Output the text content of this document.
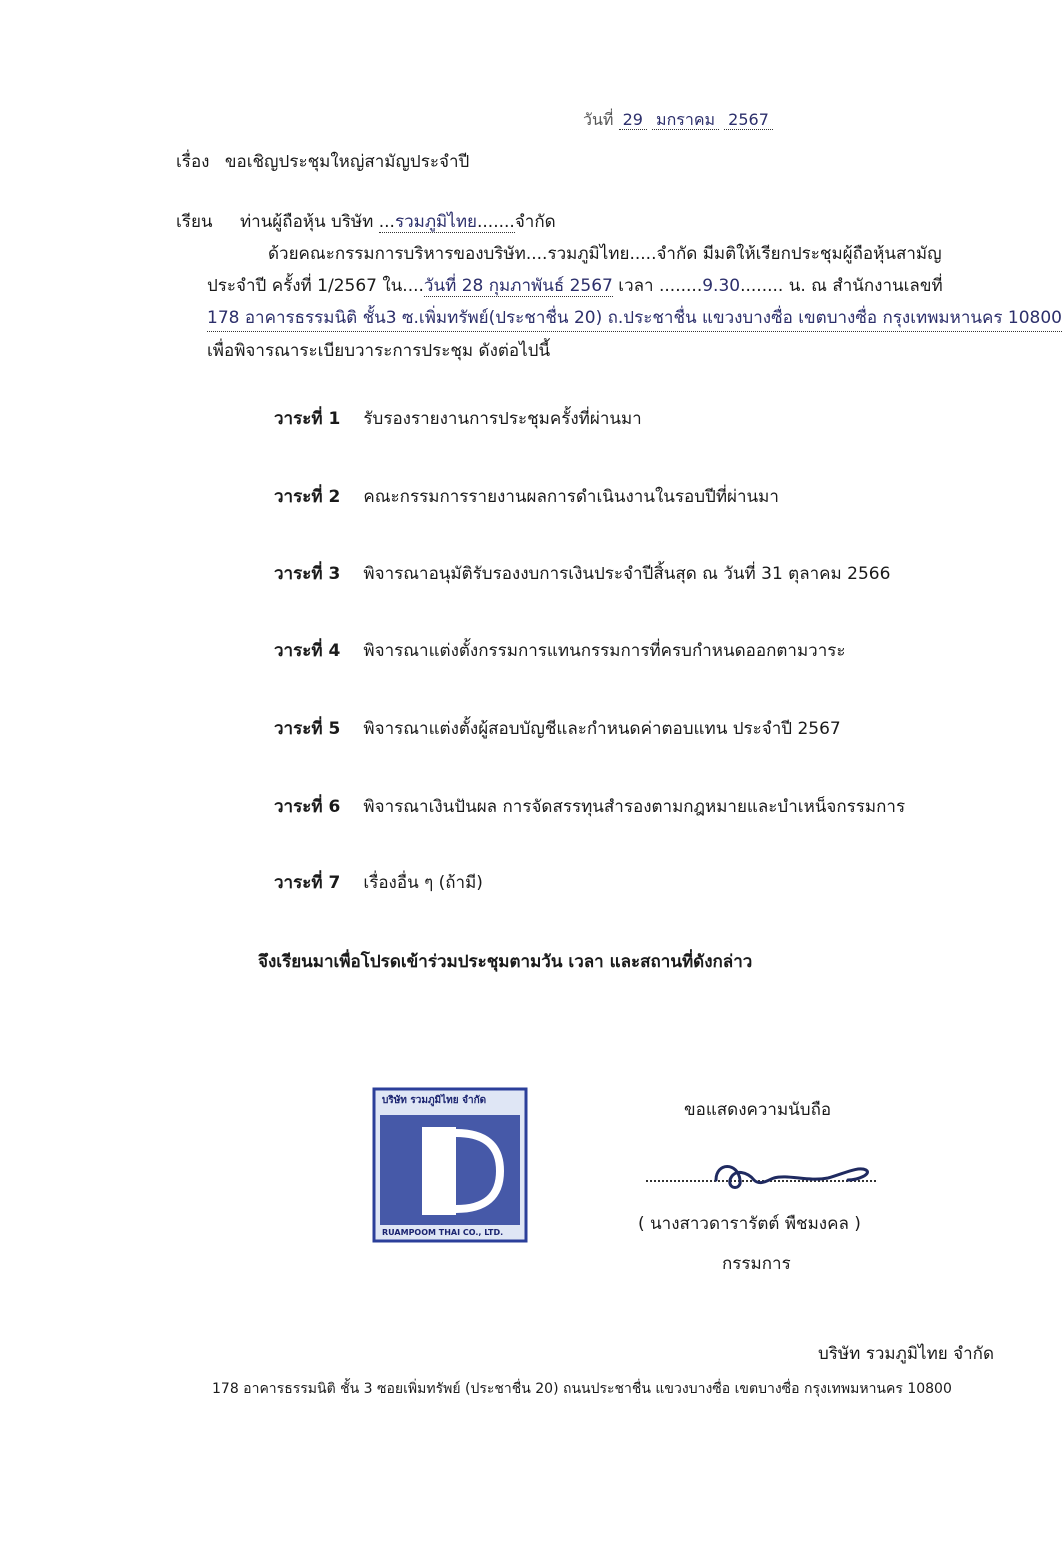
วันที่ 29 มกราคม 2567
เรื่อง ขอเชิญประชุมใหญ่สามัญประจำปี
เรียน ท่านผู้ถือหุ้น บริษัท ...รวมภูมิไทย.......จำกัด
ด้วยคณะกรรมการบริหารของบริษัท....รวมภูมิไทย.....จำกัด มีมติให้เรียกประชุมผู้ถือหุ้นสามัญ
ประจำปี ครั้งที่ 1/2567 ใน....วันที่ 28 กุมภาพันธ์ 2567 เวลา ........9.30........ น. ณ สำนักงานเลขที่
178 อาคารธรรมนิติ ชั้น3 ซ.เพิ่มทรัพย์(ประชาชื่น 20) ถ.ประชาชื่น แขวงบางซื่อ เขตบางซื่อ กรุงเทพมหานคร 10800
เพื่อพิจารณาระเบียบวาระการประชุม ดังต่อไปนี้
วาระที่ 1 รับรองรายงานการประชุมครั้งที่ผ่านมา
วาระที่ 2 คณะกรรมการรายงานผลการดำเนินงานในรอบปีที่ผ่านมา
วาระที่ 3 พิจารณาอนุมัติรับรองงบการเงินประจำปีสิ้นสุด ณ วันที่ 31 ตุลาคม 2566
วาระที่ 4 พิจารณาแต่งตั้งกรรมการแทนกรรมการที่ครบกำหนดออกตามวาระ
วาระที่ 5 พิจารณาแต่งตั้งผู้สอบบัญชีและกำหนดค่าตอบแทน ประจำปี 2567
วาระที่ 6 พิจารณาเงินปันผล การจัดสรรทุนสำรองตามกฎหมายและบำเหน็จกรรมการ
วาระที่ 7 เรื่องอื่น ๆ (ถ้ามี)
จึงเรียนมาเพื่อโปรดเข้าร่วมประชุมตามวัน เวลา และสถานที่ดังกล่าว
บริษัท รวมภูมิไทย จำกัด
RUAMPOOM THAI CO., LTD.
ขอแสดงความนับถือ
( นางสาวดารารัตต์ พืชมงคล )
กรรมการ
บริษัท รวมภูมิไทย จำกัด
178 อาคารธรรมนิติ ชั้น 3 ซอยเพิ่มทรัพย์ (ประชาชื่น 20) ถนนประชาชื่น แขวงบางซื่อ เขตบางซื่อ กรุงเทพมหานคร 10800
